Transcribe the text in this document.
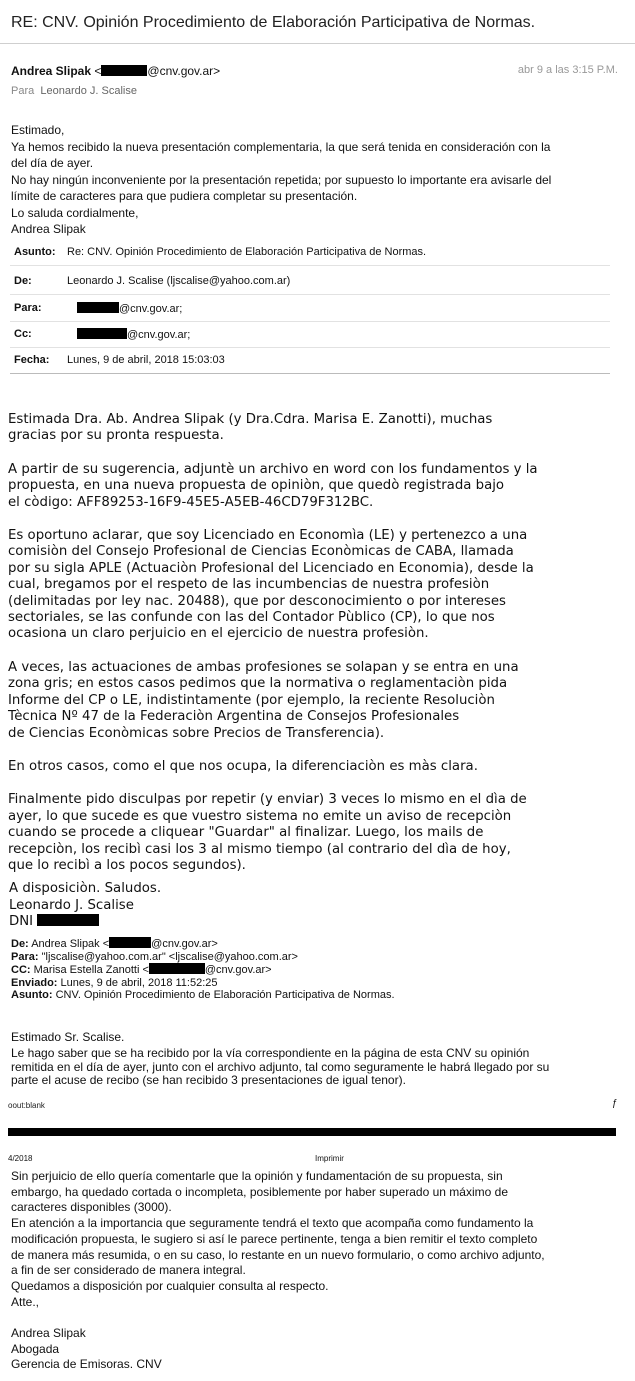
RE: CNV. Opinión Procedimiento de Elaboración Participativa de Normas.
Andrea Slipak <	@cnv.gov.ar>	abr 9 a las 3:15 P.M.
Para Leonardo J. Scalise
Estimado,
Ya hemos recibido la nueva presentación complementaria, la que será tenida en consideración con la
del día de ayer.
No hay ningún inconveniente por la presentación repetida; por supuesto lo importante era avisarle del
límite de caracteres para que pudiera completar su presentación.
Lo saluda cordialmente,
Andrea Slipak
Asunto: Re: CNV. Opinión Procedimiento de Elaboración Participativa de Normas.
De:	Leonardo J. Scalise (ljscalise@yahoo.com.ar)
Para:	@cnv.gov.ar;
Cc:	@cnv.gov.ar;
Fecha: Lunes, 9 de abril, 2018 15:03:03

Estimada Dra. Ab. Andrea Slipak (y Dra.Cdra. Marisa E. Zanotti), muchas
gracias por su pronta respuesta.

A partir de su sugerencia, adjuntè un archivo en word con los fundamentos y la
propuesta, en una nueva propuesta de opiniòn, que quedò registrada bajo
el còdigo: AFF89253-16F9-45E5-A5EB-46CD79F312BC.

Es oportuno aclarar, que soy Licenciado en Economìa (LE) y pertenezco a una
comisiòn del Consejo Profesional de Ciencias Econòmicas de CABA, llamada
por su sigla APLE (Actuaciòn Profesional del Licenciado en Economia), desde la
cual, bregamos por el respeto de las incumbencias de nuestra profesiòn
(delimitadas por ley nac. 20488), que por desconocimiento o por intereses
sectoriales, se las confunde con las del Contador Pùblico (CP), lo que nos
ocasiona un claro perjuicio en el ejercicio de nuestra profesiòn.

A veces, las actuaciones de ambas profesiones se solapan y se entra en una
zona gris; en estos casos pedimos que la normativa o reglamentaciòn pida
Informe del CP o LE, indistintamente (por ejemplo, la reciente Resoluciòn
Tècnica Nº 47 de la Federaciòn Argentina de Consejos Profesionales
de Ciencias Econòmicas sobre Precios de Transferencia).

En otros casos, como el que nos ocupa, la diferenciaciòn es màs clara.

Finalmente pido disculpas por repetir (y enviar) 3 veces lo mismo en el dìa de
ayer, lo que sucede es que vuestro sistema no emite un aviso de recepciòn
cuando se procede a cliquear "Guardar" al finalizar. Luego, los mails de
recepciòn, los recibì casi los 3 al mismo tiempo (al contrario del dìa de hoy,
que lo recibì a los pocos segundos).

A disposiciòn. Saludos.
Leonardo J. Scalise
DNI
De: Andrea Slipak <	@cnv.gov.ar>
Para: "ljscalise@yahoo.com.ar" <ljscalise@yahoo.com.ar>
CC: Marisa Estella Zanotti <	@cnv.gov.ar>
Enviado: Lunes, 9 de abril, 2018 11:52:25
Asunto: CNV. Opinión Procedimiento de Elaboración Participativa de Normas.
Estimado Sr. Scalise.
Le hago saber que se ha recibido por la vía correspondiente en la página de esta CNV su opinión
remitida en el día de ayer, junto con el archivo adjunto, tal como seguramente le habrá llegado por su
parte el acuse de recibo (se han recibido 3 presentaciones de igual tenor).
oout:blank	ƒ
4/2018	Imprimir
Sin perjuicio de ello quería comentarle que la opinión y fundamentación de su propuesta, sin
embargo, ha quedado cortada o incompleta, posiblemente por haber superado un máximo de
caracteres disponibles (3000).
En atención a la importancia que seguramente tendrá el texto que acompaña como fundamento la
modificación propuesta, le sugiero si así le parece pertinente, tenga a bien remitir el texto completo
de manera más resumida, o en su caso, lo restante en un nuevo formulario, o como archivo adjunto,
a fin de ser considerado de manera integral.
Quedamos a disposición por cualquier consulta al respecto.
Atte.,
Andrea Slipak
Abogada
Gerencia de Emisoras. CNV
